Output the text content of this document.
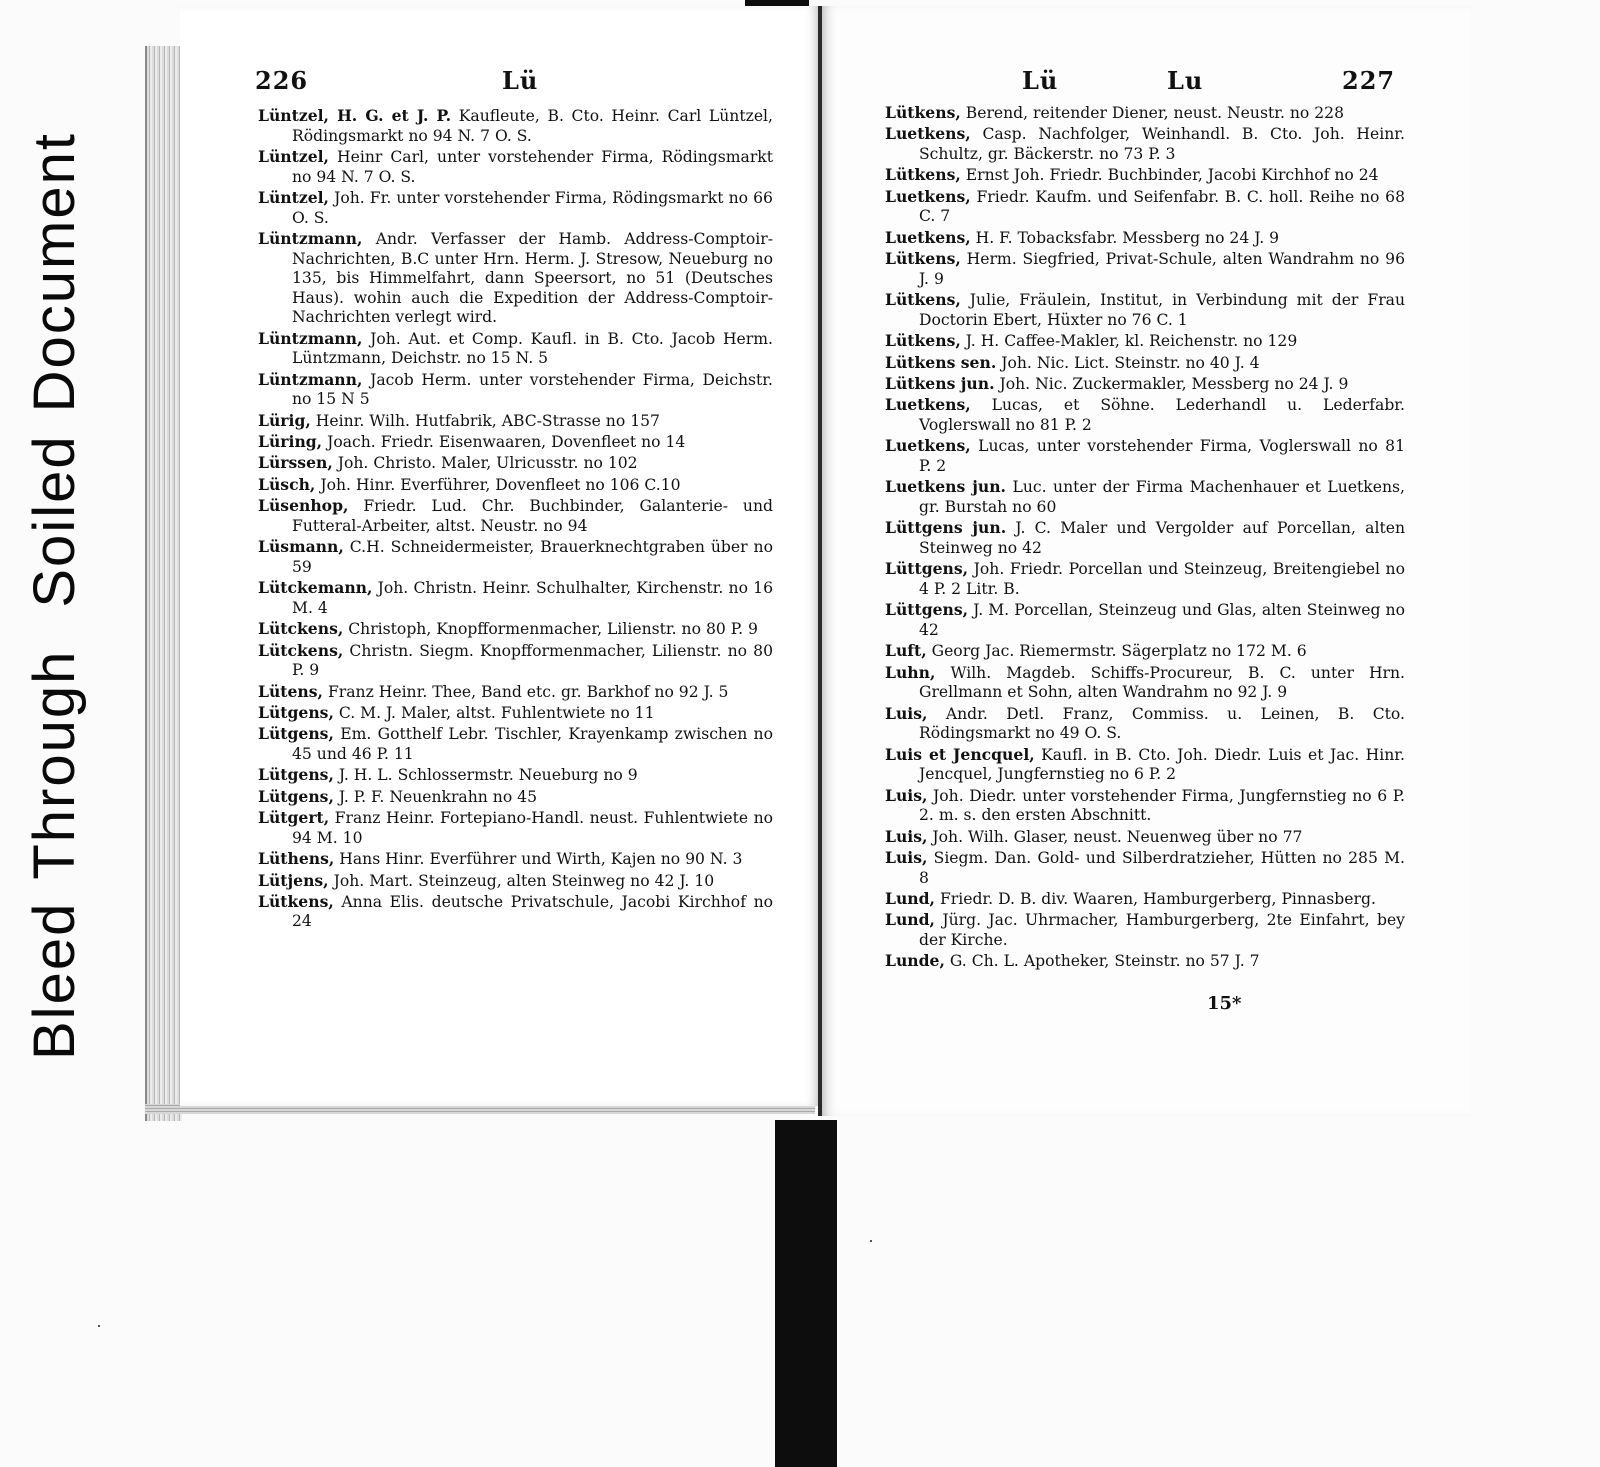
BleedThroughSoiledDocument
226	Lü
Lüntzel, H. G. et J. P. Kaufleute, B. Cto. Heinr. Carl Lüntzel, Rödingsmarkt no 94 N. 7 O. S.
Lüntzel, Heinr Carl, unter vorstehender Firma, Rödingsmarkt no 94 N. 7 O. S.
Lüntzel, Joh. Fr. unter vorstehender Firma, Rödingsmarkt no 66 O. S.
Lüntzmann, Andr. Verfasser der Hamb. Address-Comptoir-Nachrichten, B.C unter Hrn. Herm. J. Stresow, Neueburg no 135, bis Himmelfahrt, dann Speersort, no 51 (Deutsches Haus). wohin auch die Expedition der Address-Comptoir-Nachrichten verlegt wird.
Lüntzmann, Joh. Aut. et Comp. Kaufl. in B. Cto. Jacob Herm. Lüntzmann, Deichstr. no 15 N. 5
Lüntzmann, Jacob Herm. unter vorstehender Firma, Deichstr. no 15 N 5
Lürig, Heinr. Wilh. Hutfabrik, ABC-Strasse no 157
Lüring, Joach. Friedr. Eisenwaaren, Dovenfleet no 14
Lürssen, Joh. Christo. Maler, Ulricusstr. no 102
Lüsch, Joh. Hinr. Everführer, Dovenfleet no 106 C.10
Lüsenhop, Friedr. Lud. Chr. Buchbinder, Galanterie- und Futteral-Arbeiter, altst. Neustr. no 94
Lüsmann, C.H. Schneidermeister, Brauerknechtgraben über no 59
Lütckemann, Joh. Christn. Heinr. Schulhalter, Kirchenstr. no 16 M. 4
Lütckens, Christoph, Knopfformenmacher, Lilienstr. no 80 P. 9
Lütckens, Christn. Siegm. Knopfformenmacher, Lilienstr. no 80 P. 9
Lütens, Franz Heinr. Thee, Band etc. gr. Barkhof no 92 J. 5
Lütgens, C. M. J. Maler, altst. Fuhlentwiete no 11
Lütgens, Em. Gotthelf Lebr. Tischler, Krayenkamp zwischen no 45 und 46 P. 11
Lütgens, J. H. L. Schlossermstr. Neueburg no 9
Lütgens, J. P. F. Neuenkrahn no 45
Lütgert, Franz Heinr. Fortepiano-Handl. neust. Fuhlentwiete no 94 M. 10
Lüthens, Hans Hinr. Everführer und Wirth, Kajen no 90 N. 3
Lütjens, Joh. Mart. Steinzeug, alten Steinweg no 42 J. 10
Lütkens, Anna Elis. deutsche Privatschule, Jacobi Kirchhof no 24
Lü	Lu	227
Lütkens, Berend, reitender Diener, neust. Neustr. no 228
Luetkens, Casp. Nachfolger, Weinhandl. B. Cto. Joh. Heinr. Schultz, gr. Bäckerstr. no 73 P. 3
Lütkens, Ernst Joh. Friedr. Buchbinder, Jacobi Kirchhof no 24
Luetkens, Friedr. Kaufm. und Seifenfabr. B. C. holl. Reihe no 68 C. 7
Luetkens, H. F. Tobacksfabr. Messberg no 24 J. 9
Lütkens, Herm. Siegfried, Privat-Schule, alten Wandrahm no 96 J. 9
Lütkens, Julie, Fräulein, Institut, in Verbindung mit der Frau Doctorin Ebert, Hüxter no 76 C. 1
Lütkens, J. H. Caffee-Makler, kl. Reichenstr. no 129
Lütkens sen. Joh. Nic. Lict. Steinstr. no 40 J. 4
Lütkens jun. Joh. Nic. Zuckermakler, Messberg no 24 J. 9
Luetkens, Lucas, et Söhne. Lederhandl u. Lederfabr. Voglerswall no 81 P. 2
Luetkens, Lucas, unter vorstehender Firma, Voglerswall no 81 P. 2
Luetkens jun. Luc. unter der Firma Machenhauer et Luetkens, gr. Burstah no 60
Lüttgens jun. J. C. Maler und Vergolder auf Porcellan, alten Steinweg no 42
Lüttgens, Joh. Friedr. Porcellan und Steinzeug, Breitengiebel no 4 P. 2 Litr. B.
Lüttgens, J. M. Porcellan, Steinzeug und Glas, alten Steinweg no 42
Luft, Georg Jac. Riemermstr. Sägerplatz no 172 M. 6
Luhn, Wilh. Magdeb. Schiffs-Procureur, B. C. unter Hrn. Grellmann et Sohn, alten Wandrahm no 92 J. 9
Luis, Andr. Detl. Franz, Commiss. u. Leinen, B. Cto. Rödingsmarkt no 49 O. S.
Luis et Jencquel, Kaufl. in B. Cto. Joh. Diedr. Luis et Jac. Hinr. Jencquel, Jungfernstieg no 6 P. 2
Luis, Joh. Diedr. unter vorstehender Firma, Jungfernstieg no 6 P. 2. m. s. den ersten Abschnitt.
Luis, Joh. Wilh. Glaser, neust. Neuenweg über no 77
Luis, Siegm. Dan. Gold- und Silberdratzieher, Hütten no 285 M. 8
Lund, Friedr. D. B. div. Waaren, Hamburgerberg, Pinnasberg.
Lund, Jürg. Jac. Uhrmacher, Hamburgerberg, 2te Einfahrt, bey der Kirche.
Lunde, G. Ch. L. Apotheker, Steinstr. no 57 J. 7
15*
